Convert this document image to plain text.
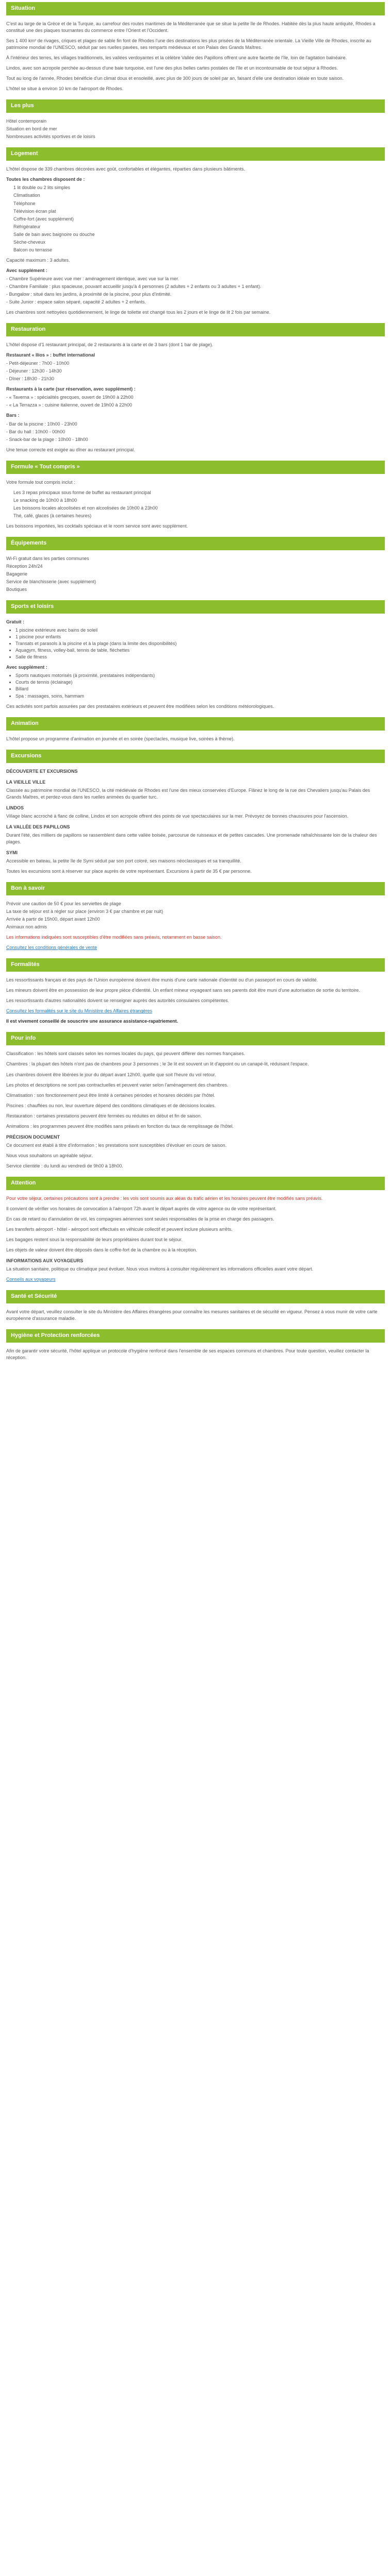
Situation

C'est au large de la Grèce et de la Turquie, au carrefour des routes maritimes de la Méditerranée que se situe la petite île de Rhodes. Habitée dès la plus haute antiquité, Rhodes a constitué une des plaques tournantes du commerce entre l'Orient et l'Occident.

Ses 1 400 km² de rivages, criques et plages de sable fin font de Rhodes l'une des destinations les plus prisées de la Méditerranée orientale. La Vieille Ville de Rhodes, inscrite au patrimoine mondial de l'UNESCO, séduit par ses ruelles pavées, ses remparts médiévaux et son Palais des Grands Maîtres.

À l'intérieur des terres, les villages traditionnels, les vallées verdoyantes et la célèbre Vallée des Papillons offrent une autre facette de l'île, loin de l'agitation balnéaire.

Lindos, avec son acropole perchée au-dessus d'une baie turquoise, est l'une des plus belles cartes postales de l'île et un incontournable de tout séjour à Rhodes.

Tout au long de l'année, Rhodes bénéficie d'un climat doux et ensoleillé, avec plus de 300 jours de soleil par an, faisant d'elle une destination idéale en toute saison.

L'hôtel se situe à environ 10 km de l'aéroport de Rhodes.

Les plus
Hôtel contemporain
Situation en bord de mer
Nombreuses activités sportives et de loisirs
Logement

L'hôtel dispose de 339 chambres décorées avec goût, confortables et élégantes, réparties dans plusieurs bâtiments.

Toutes les chambres disposent de :
1 lit double ou 2 lits simples
Climatisation
Téléphone
Télévision écran plat
Coffre-fort (avec supplément)
Réfrigérateur
Salle de bain avec baignoire ou douche
Sèche-cheveux
Balcon ou terrasse

Capacité maximum : 3 adultes.

Avec supplément :
- Chambre Supérieure avec vue mer : aménagement identique, avec vue sur la mer.
- Chambre Familiale : plus spacieuse, pouvant accueillir jusqu'à 4 personnes (2 adultes + 2 enfants ou 3 adultes + 1 enfant).
- Bungalow : situé dans les jardins, à proximité de la piscine, pour plus d'intimité.
- Suite Junior : espace salon séparé, capacité 2 adultes + 2 enfants.

Les chambres sont nettoyées quotidiennement, le linge de toilette est changé tous les 2 jours et le linge de lit 2 fois par semaine.

Restauration

L'hôtel dispose d'1 restaurant principal, de 2 restaurants à la carte et de 3 bars (dont 1 bar de plage).

Restaurant « Ilios » : buffet international
- Petit-déjeuner : 7h00 - 10h00
- Déjeuner : 12h30 - 14h30
- Dîner : 18h30 - 21h30
Restaurants à la carte (sur réservation, avec supplément) :
- « Taverna » : spécialités grecques, ouvert de 19h00 à 22h00
- « La Terrazza » : cuisine italienne, ouvert de 19h00 à 22h00
Bars :
- Bar de la piscine : 10h00 - 23h00
- Bar du hall : 10h00 - 00h00
- Snack-bar de la plage : 10h00 - 18h00

Une tenue correcte est exigée au dîner au restaurant principal.

Formule « Tout compris »

Votre formule tout compris inclut :

Les 3 repas principaux sous forme de buffet au restaurant principal
Le snacking de 10h00 à 18h00
Les boissons locales alcoolisées et non alcoolisées de 10h00 à 23h00
Thé, café, glaces (à certaines heures)

Les boissons importées, les cocktails spéciaux et le room service sont avec supplément.

Équipements
Wi-Fi gratuit dans les parties communes
Réception 24h/24
Bagagerie
Service de blanchisserie (avec supplément)
Boutiques
Sports et loisirs
Gratuit :
• 1 piscine extérieure avec bains de soleil
• 1 piscine pour enfants
• Transats et parasols à la piscine et à la plage (dans la limite des disponibilités)
• Aquagym, fitness, volley-ball, tennis de table, fléchettes
• Salle de fitness
Avec supplément :
• Sports nautiques motorisés (à proximité, prestataires indépendants)
• Courts de tennis (éclairage)
• Billard
• Spa : massages, soins, hammam

Ces activités sont parfois assurées par des prestataires extérieurs et peuvent être modifiées selon les conditions météorologiques.

Animation

L'hôtel propose un programme d'animation en journée et en soirée (spectacles, musique live, soirées à thème).

Excursions
DÉCOUVERTE ET EXCURSIONS
LA VIEILLE VILLE

Classée au patrimoine mondial de l'UNESCO, la cité médiévale de Rhodes est l'une des mieux conservées d'Europe. Flânez le long de la rue des Chevaliers jusqu'au Palais des Grands Maîtres, et perdez-vous dans les ruelles animées du quartier turc.

LINDOS

Village blanc accroché à flanc de colline, Lindos et son acropole offrent des points de vue spectaculaires sur la mer. Prévoyez de bonnes chaussures pour l'ascension.

LA VALLÉE DES PAPILLONS

Durant l'été, des milliers de papillons se rassemblent dans cette vallée boisée, parcourue de ruisseaux et de petites cascades. Une promenade rafraîchissante loin de la chaleur des plages.

SYMI

Accessible en bateau, la petite île de Symi séduit par son port coloré, ses maisons néoclassiques et sa tranquillité.

Toutes les excursions sont à réserver sur place auprès de votre représentant. Excursions à partir de 35 € par personne.

Bon à savoir
Prévoir une caution de 50 € pour les serviettes de plage
La taxe de séjour est à régler sur place (environ 3 € par chambre et par nuit)
Arrivée à partir de 15h00, départ avant 12h00
Animaux non admis

Les informations indiquées sont susceptibles d'être modifiées sans préavis, notamment en basse saison.

Consultez les conditions générales de vente

Formalités

Les ressortissants français et des pays de l'Union européenne doivent être munis d'une carte nationale d'identité ou d'un passeport en cours de validité.

Les mineurs doivent être en possession de leur propre pièce d'identité. Un enfant mineur voyageant sans ses parents doit être muni d'une autorisation de sortie du territoire.

Les ressortissants d'autres nationalités doivent se renseigner auprès des autorités consulaires compétentes.

Consultez les formalités sur le site du Ministère des Affaires étrangères

Il est vivement conseillé de souscrire une assurance assistance-rapatriement.

Pour info

Classification : les hôtels sont classés selon les normes locales du pays, qui peuvent différer des normes françaises.

Chambres : la plupart des hôtels n'ont pas de chambres pour 3 personnes ; le 3e lit est souvent un lit d'appoint ou un canapé-lit, réduisant l'espace.

Les chambres doivent être libérées le jour du départ avant 12h00, quelle que soit l'heure du vol retour.

Les photos et descriptions ne sont pas contractuelles et peuvent varier selon l'aménagement des chambres.

Climatisation : son fonctionnement peut être limité à certaines périodes et horaires décidés par l'hôtel.

Piscines : chauffées ou non, leur ouverture dépend des conditions climatiques et de décisions locales.

Restauration : certaines prestations peuvent être fermées ou réduites en début et fin de saison.

Animations : les programmes peuvent être modifiés sans préavis en fonction du taux de remplissage de l'hôtel.

PRÉCISION DOCUMENT

Ce document est établi à titre d'information ; les prestations sont susceptibles d'évoluer en cours de saison.

Nous vous souhaitons un agréable séjour.

Service clientèle : du lundi au vendredi de 9h00 à 18h00.

Attention

Pour votre séjour, certaines précautions sont à prendre : les vols sont soumis aux aléas du trafic aérien et les horaires peuvent être modifiés sans préavis.

Il convient de vérifier vos horaires de convocation à l'aéroport 72h avant le départ auprès de votre agence ou de votre représentant.

En cas de retard ou d'annulation de vol, les compagnies aériennes sont seules responsables de la prise en charge des passagers.

Les transferts aéroport - hôtel - aéroport sont effectués en véhicule collectif et peuvent inclure plusieurs arrêts.

Les bagages restent sous la responsabilité de leurs propriétaires durant tout le séjour.

Les objets de valeur doivent être déposés dans le coffre-fort de la chambre ou à la réception.

INFORMATIONS AUX VOYAGEURS

La situation sanitaire, politique ou climatique peut évoluer. Nous vous invitons à consulter régulièrement les informations officielles avant votre départ.

Conseils aux voyageurs

Santé et Sécurité

Avant votre départ, veuillez consulter le site du Ministère des Affaires étrangères pour connaître les mesures sanitaires et de sécurité en vigueur. Pensez à vous munir de votre carte européenne d'assurance maladie.

Hygiène et Protection renforcées

Afin de garantir votre sécurité, l'hôtel applique un protocole d'hygiène renforcé dans l'ensemble de ses espaces communs et chambres. Pour toute question, veuillez contacter la réception.
